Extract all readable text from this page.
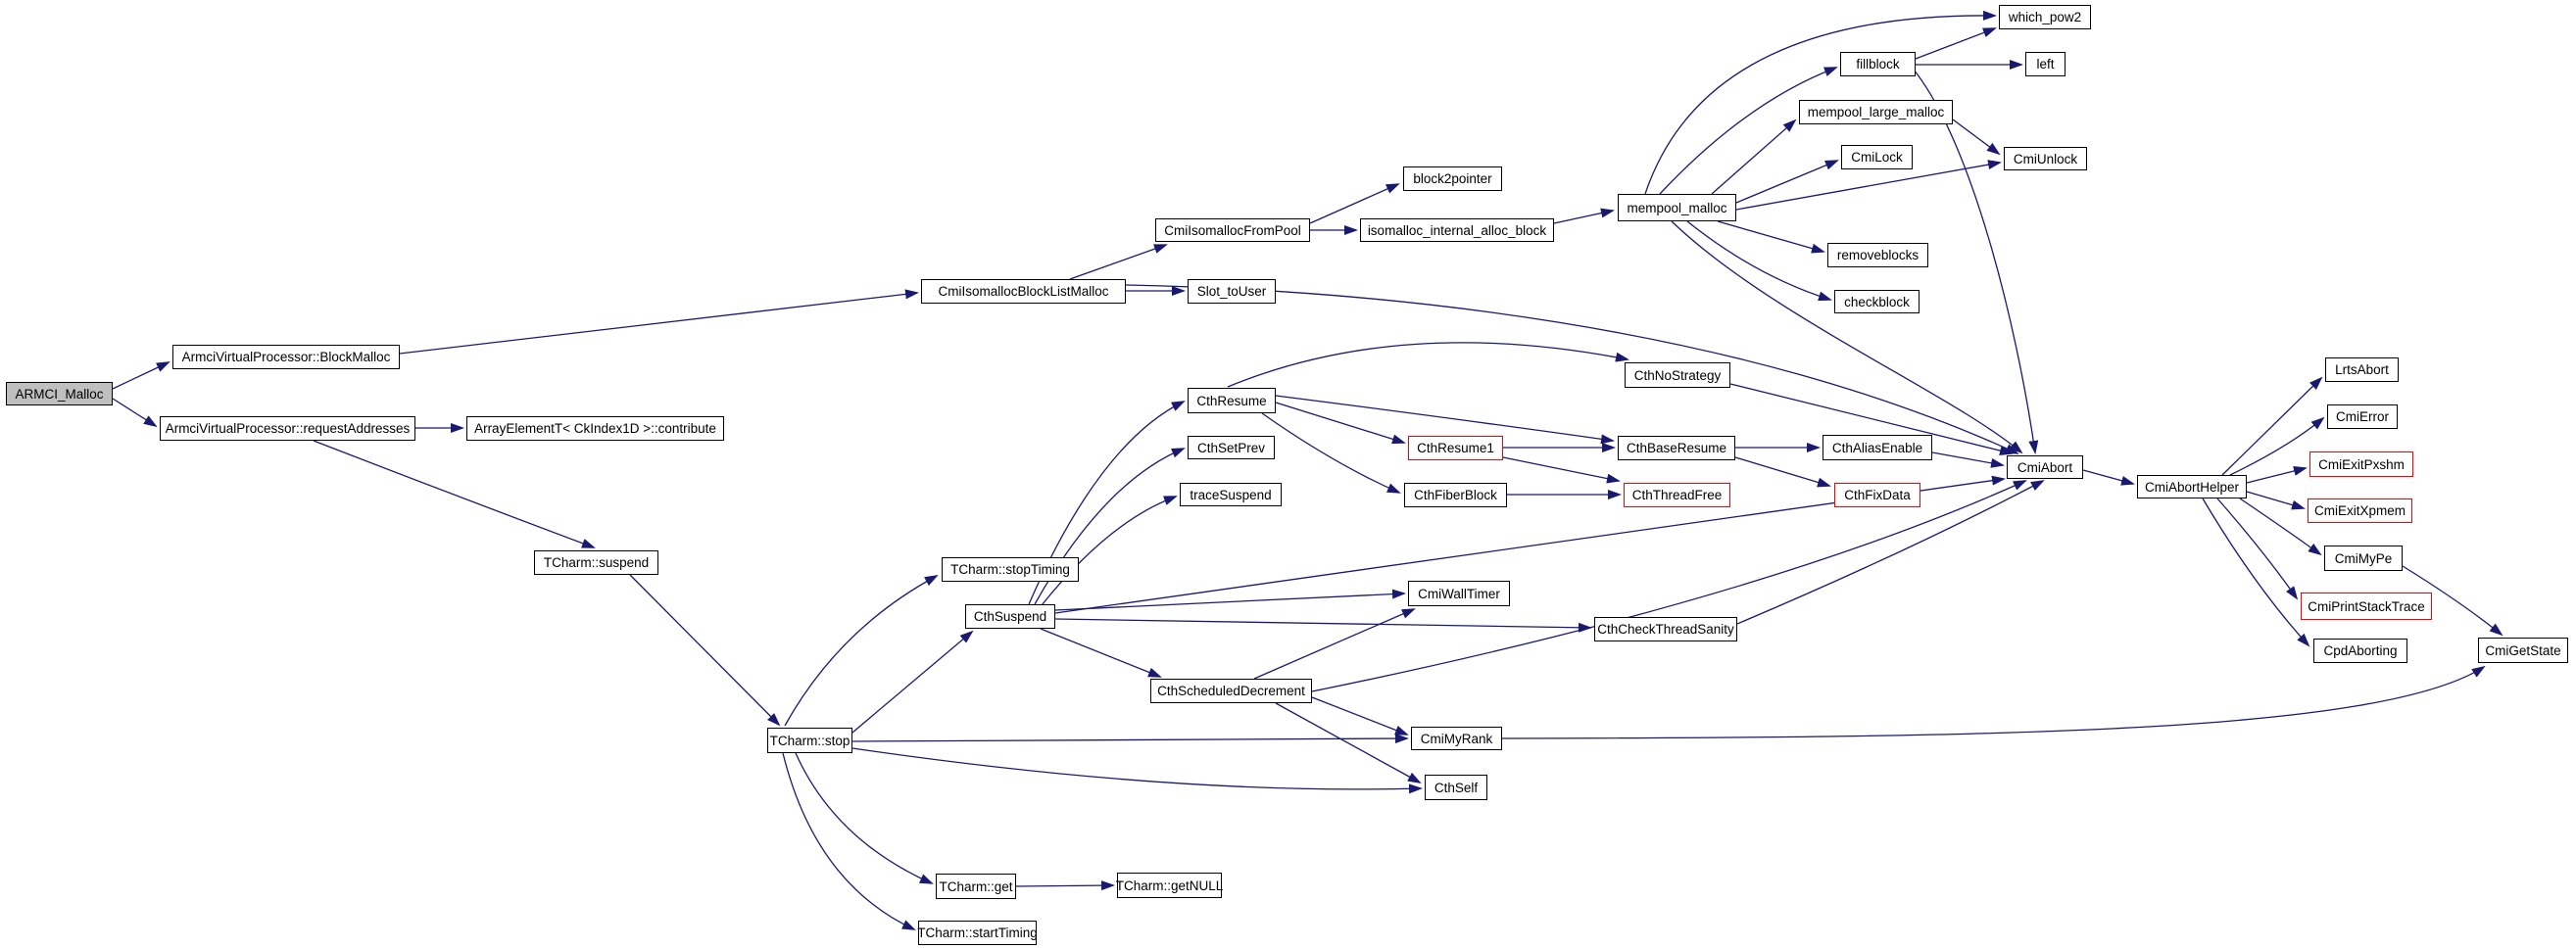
ARMCI_Malloc
ArmciVirtualProcessor::BlockMalloc
ArmciVirtualProcessor::requestAddresses	ArrayElementT< CkIndex1D >::contribute
TCharm::suspend
TCharm::stop
TCharm::stopTiming
CthSuspend
CthResume
CthSetPrev
traceSuspend
CthResume1
CthFiberBlock
CthBaseResume
CthThreadFree
CthAliasEnable
CthFixData
CthNoStrategy
CmiWallTimer
CthCheckThreadSanity
CthScheduledDecrement
CmiMyRank
CthSelf
TCharm::get	TCharm::getNULL
TCharm::startTiming
CmiIsomallocBlockListMalloc	Slot_toUser
CmiIsomallocFromPool
block2pointer
isomalloc_internal_alloc_block
mempool_malloc
fillblock
which_pow2
left
mempool_large_malloc
CmiLock	CmiUnlock
removeblocks
checkblock
CmiAbort
CmiAbortHelper
LrtsAbort
CmiError
CmiExitPxshm
CmiExitXpmem
CmiMyPe
CmiPrintStackTrace
CpdAborting	CmiGetState
